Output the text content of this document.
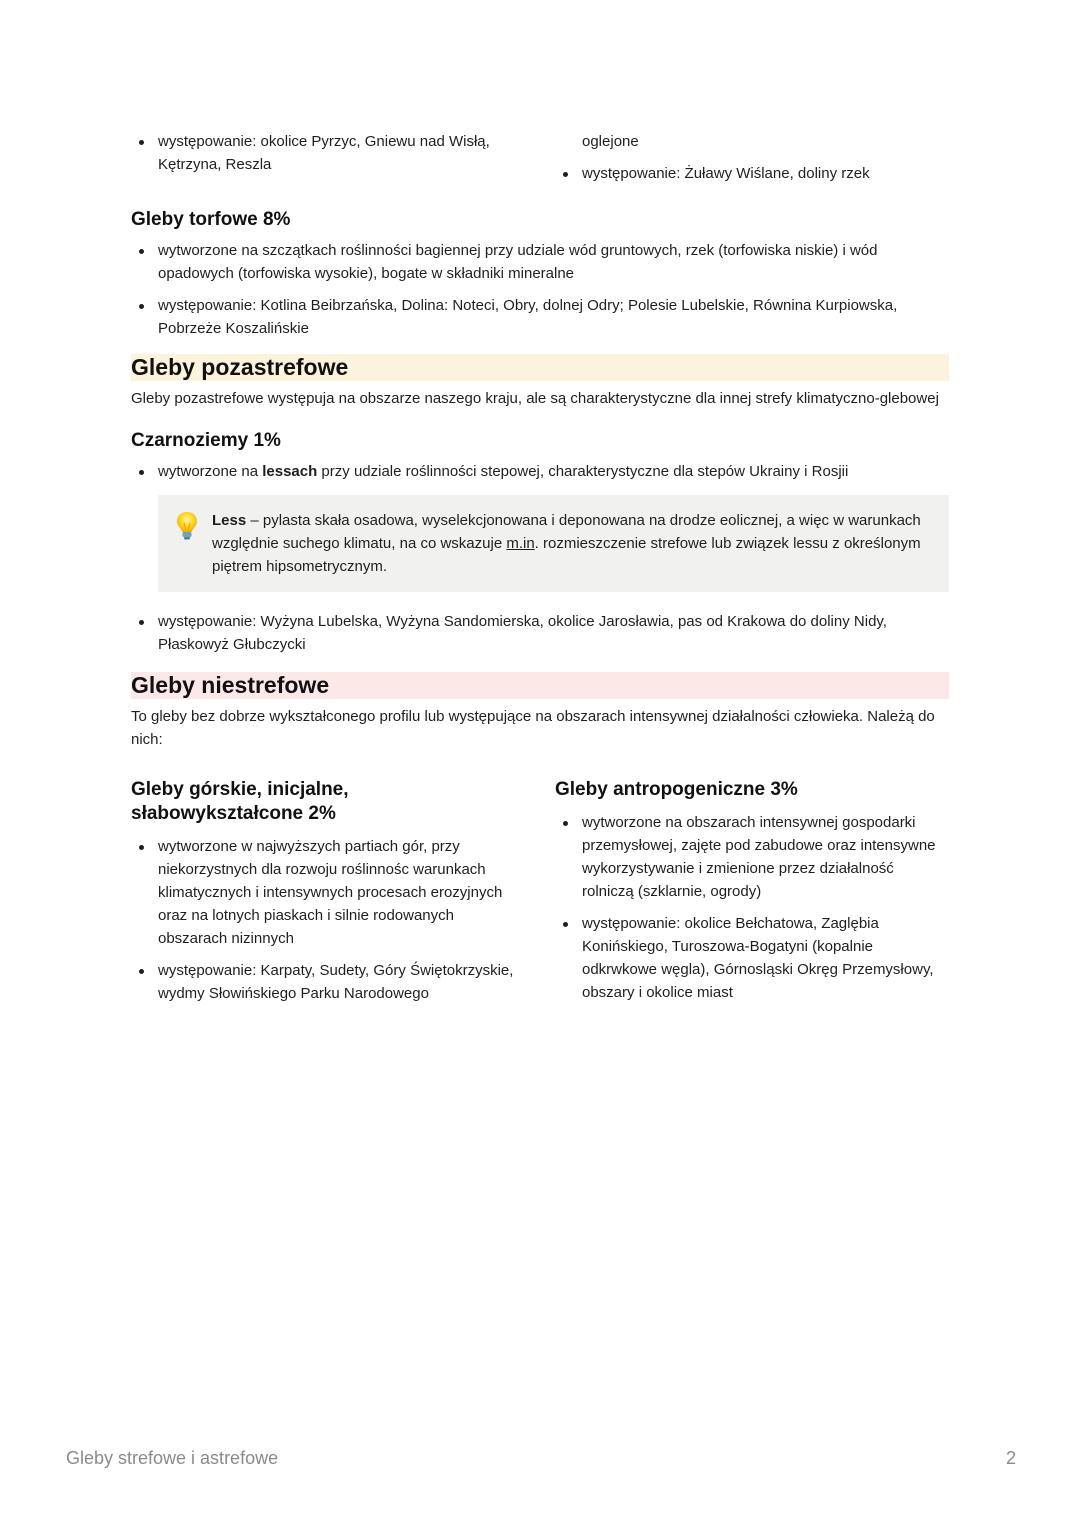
występowanie: okolice Pyrzyc, Gniewu nad Wisłą, Kętrzyna, Reszla

oglejone

występowanie: Żuławy Wiślane, doliny rzek
Gleby torfowe 8%
wytworzone na szczątkach roślinności bagiennej przy udziale wód gruntowych, rzek (torfowiska niskie) i wód opadowych (torfowiska wysokie), bogate w składniki mineralne
występowanie: Kotlina Beibrzańska, Dolina: Noteci, Obry, dolnej Odry; Polesie Lubelskie, Równina Kurpiowska, Pobrzeże Koszalińskie
Gleby pozastrefowe

Gleby pozastrefowe występuja na obszarze naszego kraju, ale są charakterystyczne dla innej strefy klimatyczno-glebowej

Czarnoziemy 1%
wytworzone na lessach przy udziale roślinności stepowej, charakterystyczne dla stepów Ukrainy i Rosjii
Less – pylasta skała osadowa, wyselekcjonowana i deponowana na drodze eolicznej, a więc w warunkach względnie suchego klimatu, na co wskazuje m.in. rozmieszczenie strefowe lub związek lessu z określonym piętrem hipsometrycznym.
występowanie: Wyżyna Lubelska, Wyżyna Sandomierska, okolice Jarosławia, pas od Krakowa do doliny Nidy, Płaskowyż Głubczycki
Gleby niestrefowe

To gleby bez dobrze wykształconego profilu lub występujące na obszarach intensywnej działalności człowieka. Należą do nich:

Gleby górskie, inicjalne, słabowykształcone 2%
wytworzone w najwyższych partiach gór, przy niekorzystnych dla rozwoju roślinnośc warunkach klimatycznych i intensywnych procesach erozyjnych oraz na lotnych piaskach i silnie rodowanych obszarach nizinnych
występowanie: Karpaty, Sudety, Góry Świętokrzyskie, wydmy Słowińskiego Parku Narodowego
Gleby antropogeniczne 3%
wytworzone na obszarach intensywnej gospodarki przemysłowej, zajęte pod zabudowe oraz intensywne wykorzystywanie i zmienione przez działalność rolniczą (szklarnie, ogrody)
występowanie: okolice Bełchatowa, Zaglębia Konińskiego, Turoszowa-Bogatyni (kopalnie odkrwkowe węgla), Górnosląski Okręg Przemysłowy, obszary i okolice miast
Gleby strefowe i astrefowe	2
